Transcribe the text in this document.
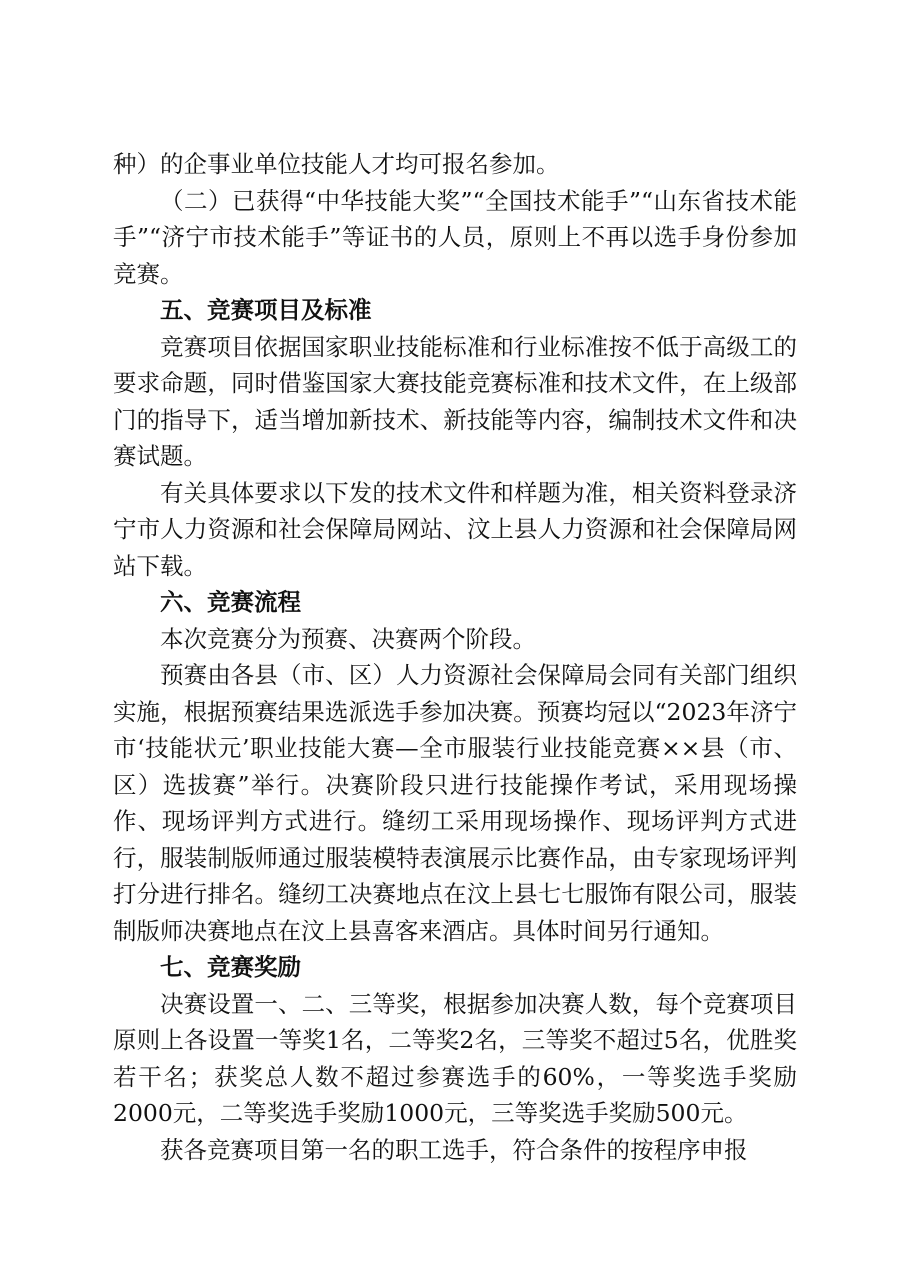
种）的企事业单位技能人才均可报名参加。

（二）已获得“中华技能大奖”“全国技术能手”“山东省技术能手”“济宁市技术能手”等证书的人员，原则上不再以选手身份参加竞赛。

五、竞赛项目及标准

竞赛项目依据国家职业技能标准和行业标准按不低于高级工的要求命题，同时借鉴国家大赛技能竞赛标准和技术文件，在上级部门的指导下，适当增加新技术、新技能等内容，编制技术文件和决赛试题。

有关具体要求以下发的技术文件和样题为准，相关资料登录济宁市人力资源和社会保障局网站、汶上县人力资源和社会保障局网站下载。

六、竞赛流程

本次竞赛分为预赛、决赛两个阶段。

预赛由各县（市、区）人力资源社会保障局会同有关部门组织实施，根据预赛结果选派选手参加决赛。预赛均冠以“2023年济宁市‘技能状元’职业技能大赛—全市服装行业技能竞赛××县（市、区）选拔赛”举行。决赛阶段只进行技能操作考试，采用现场操作、现场评判方式进行。缝纫工采用现场操作、现场评判方式进行，服装制版师通过服装模特表演展示比赛作品，由专家现场评判打分进行排名。缝纫工决赛地点在汶上县七七服饰有限公司，服装制版师决赛地点在汶上县喜客来酒店。具体时间另行通知。

七、竞赛奖励

决赛设置一、二、三等奖，根据参加决赛人数，每个竞赛项目原则上各设置一等奖1名，二等奖2名，三等奖不超过5名，优胜奖若干名；获奖总人数不超过参赛选手的60%，一等奖选手奖励2000元，二等奖选手奖励1000元，三等奖选手奖励500元。

获各竞赛项目第一名的职工选手，符合条件的按程序申报
